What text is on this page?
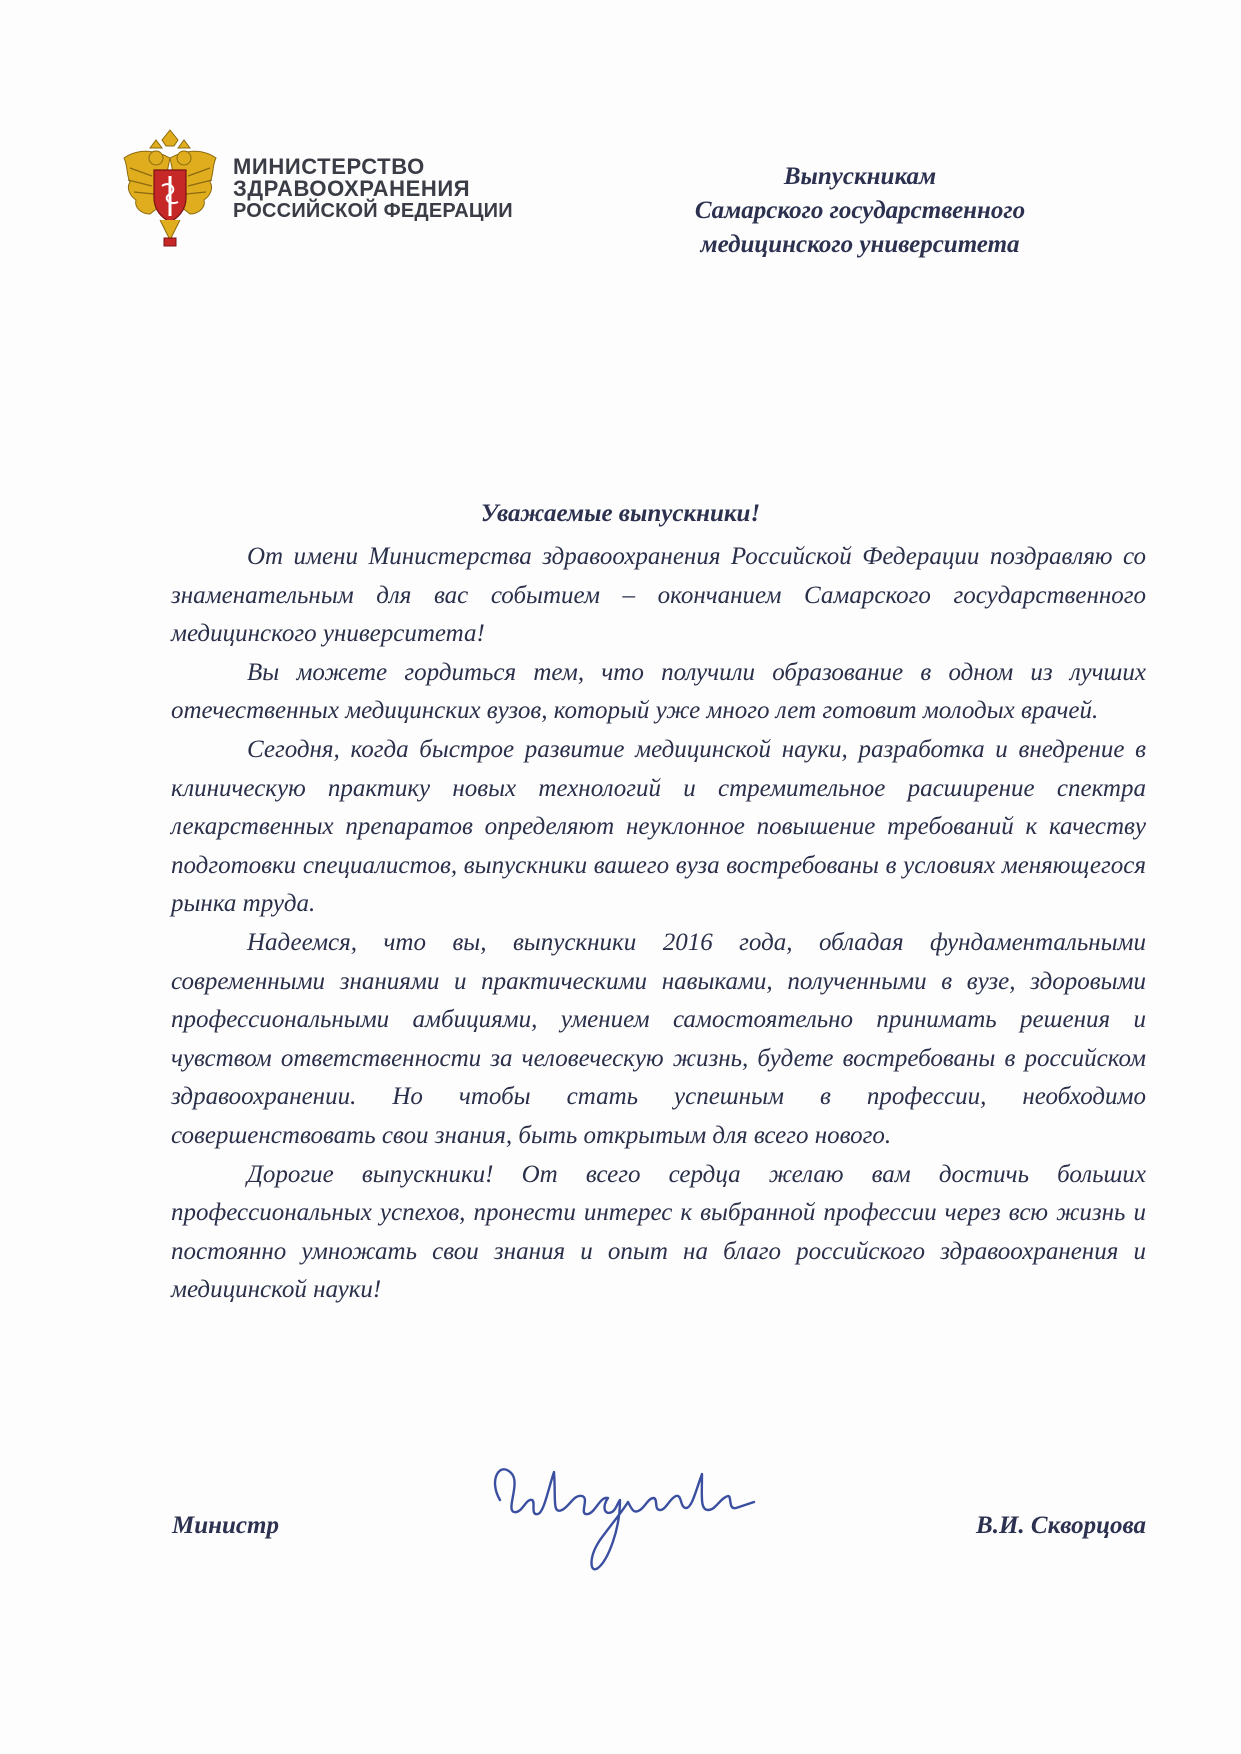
МИНИСТЕРСТВО
ЗДРАВООХРАНЕНИЯ
РОССИЙСКОЙ ФЕДЕРАЦИИ
Выпускникам
Самарского государственного
медицинского университета
Уважаемые выпускники!

От имени Министерства здравоохранения Российской Федерации поздравляю со знаменательным для вас событием – окончанием Самарского государственного медицинского университета!

Вы можете гордиться тем, что получили образование в одном из лучших отечественных медицинских вузов, который уже много лет готовит молодых врачей.

Сегодня, когда быстрое развитие медицинской науки, разработка и внедрение в клиническую практику новых технологий и стремительное расширение спектра лекарственных препаратов определяют неуклонное повышение требований к качеству подготовки специалистов, выпускники вашего вуза востребованы в условиях меняющегося рынка труда.

Надеемся, что вы, выпускники 2016 года, обладая фундаментальными современными знаниями и практическими навыками, полученными в вузе, здоровыми профессиональными амбициями, умением самостоятельно принимать решения и чувством ответственности за человеческую жизнь, будете востребованы в российском здравоохранении. Но чтобы стать успешным в профессии, необходимо совершенствовать свои знания, быть открытым для всего нового.

Дорогие выпускники! От всего сердца желаю вам достичь больших профессиональных успехов, пронести интерес к выбранной профессии через всю жизнь и постоянно умножать свои знания и опыт на благо российского здравоохранения и медицинской науки!

Министр	В.И. Скворцова
